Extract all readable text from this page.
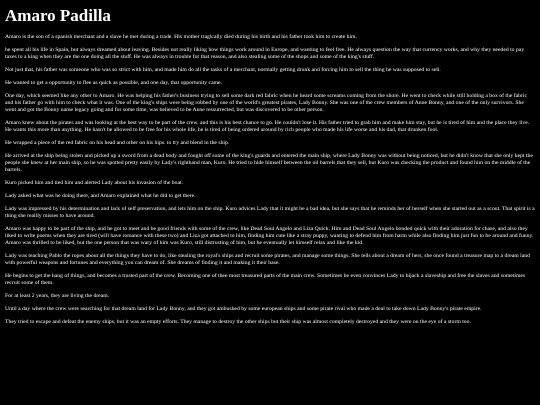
Amaro Padilla

Amaro is the son of a spanish merchant and a slave he met during a trade. His mother tragically died during his birth and his father took him to create him.

he spent all his life in Spain, but always dreamed about leaving. Besides not really liking how things work around in Europe, and wanting to feel free. He always question the way that currency works, and why they needed to pay taxes to a king when they are the one doing all the stuff. He was always in trouble for that reason, and also stealing some of the shops and some of the king's stuff.

Not just that, his father was someone who was so strict with him, and made him do all the tasks of a merchant, normally getting drunk and forcing him to sell the thing he was supposed to sell.

He wanted to get a opportunity to flee as quick as possible, and one day, that opportunity came.

One day, which seemed like any other to Amaro. He was helping his father's business trying to sell some dark red fabric when he heard some screams coming from the shore. He went to check while still holding a box of the fabric and his father go with him to check what it was. One of the king's ships were being robbed by one of the world's greatest pirates, Lady Bonny. She was one of the crew members of Anne Bonny, and one of the only survivors. She went and got the Bonny name legacy going and for some time, was believed to be Anne ressurrected, but was discovered to be other person.

Amaro knew about the pirates and was looking at the best way to be part of the crew. and this is his best chance to go. He couldn't lose it. His father tried to grab him and make him stay, but he is tired of him and the place they live. He wants this more than anything. He hasn't be allowed to be free for his whole life, he is tired of being ordered around by rich people who made his life worse and his dad, that drunken fool.

He wrapped a piece of the red fabric on his head and other on his hips. to try and blend in the ship.

He arrived at the ship being stolen and picked up a sword from a dead body and fought off some of the king's guards and entered the main ship, where Lady Bonny was without being noticed, but he didn't know that she only kept the people she knew at her main ship, so he was spotted pretty easily by Lady's righthand man, Kuro. He tried to hide himself between the oil barrels that they sell, but Kuro was checking the product and found him on the middle of the barrels.

Kuro picked him and tied him and alerted Lady about his invasion of the boat.

Lady asked what was he doing there, and Amaro explained what he did to get there.

Lady was impressed by his determination and lack of self preservation, and lets him on the ship. Kuro advices Lady that it might be a bad idea, but she says that he reminds her of herself when she started out as a scout. That spirit is a thing she reallly misses to have around.

Amaro was happy to be part of the ship, and he got to meet and be good friends with some of the crew, like Dead Soul Angelo and Liza Quick. Him and Dead Soul Angelo bonded quick with their adoration for chase, and also they liked to write poems when they are tired (will have romance with these two) and Liza got attached to him, finding him cute like a stray puppy, wanting to defend him from harm while also finding him just fun to be around and funny. Amaro was thrilled to be liked, but the one person that was wary of him was Kuro, still distrusting of him, but he eventually let himself relax and like the kid.

Lady was teaching Pablo the ropes about all the things they have to do, like stealing the royal's ships and recruit some pirates, and manage some things. She tells about a dream of hers, she once found a treasure map to a dream land with powerful weapons and fortunes and everything you can dream of. She dreams of finding it and making it their base.

He begins to get the hang of things, and becomes a trusted part of the crew. Becoming one of thee most treasured parts of the main crew. Sometimes he even convinces Lady to hijack a slaveship and free the slaves and sometimes recruit some of them.

For at least 2 years, they are living the dream.

Until a day where the crew were searching for that dream land for Lady Bonny, and they got ambushed by some european ships and some pirate rival who made a deal to take down Lady Bonny's pirate empire.

They tried to escape and defeat the enemy ships, but it was an empty efforts. They manage to destroy the other ships but their ship was almost completely destroyed and they were on the eye of a storm too.
